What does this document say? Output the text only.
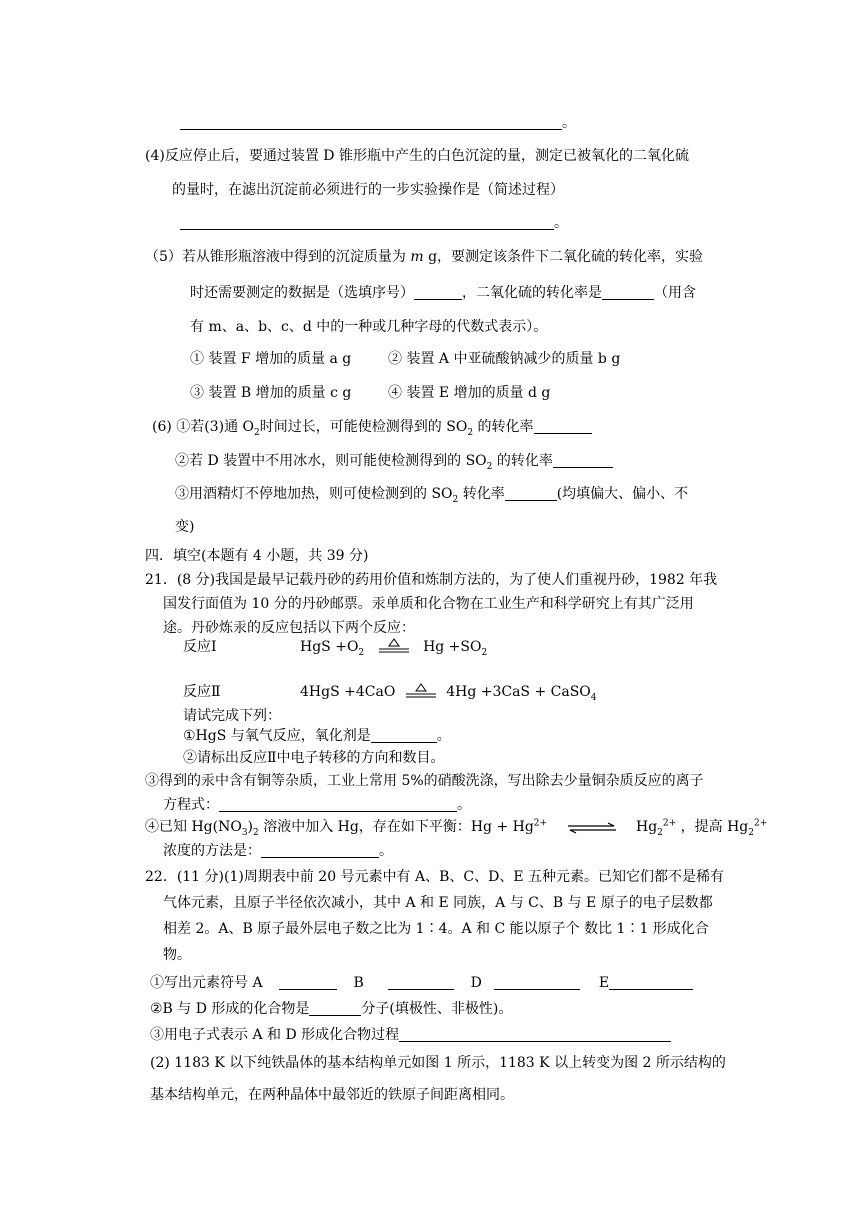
。
(4)反应停止后，要通过装置 D 锥形瓶中产生的白色沉淀的量，测定已被氧化的二氧化硫
的量时，在滤出沉淀前必须进行的一步实验操作是（简述过程）
。
（5）若从锥形瓶溶液中得到的沉淀质量为 m g，要测定该条件下二氧化硫的转化率，实验
时还需要测定的数据是（选填序号）	，二氧化硫的转化率是	（用含
有 m、a、b、c、d 中的一种或几种字母的代数式表示）。
① 装置 F 增加的质量 a g	② 装置 A 中亚硫酸钠减少的质量 b g
③ 装置 B 增加的质量 c g	④ 装置 E 增加的质量 d g
(6) ①若(3)通 $O_2$时间过长，可能使检测得到的 $SO_2$ 的转化率
②若 D 装置中不用冰水，则可能使检测得到的 $SO_2$ 的转化率
③用酒精灯不停地加热，则可使检测到的 $SO_2$ 转化率	(均填偏大、偏小、不
变)
四．填空(本题有 4 小题，共 39 分)
21．(8 分)我国是最早记载丹砂的药用价值和炼制方法的，为了使人们重视丹砂，1982 年我
国发行面值为 10 分的丹砂邮票。汞单质和化合物在工业生产和科学研究上有其广泛用
途。丹砂炼汞的反应包括以下两个反应：
反应Ⅰ	HgS $+O_2$	$Hg +SO_2$
反应Ⅱ	4HgS +4CaO	4Hg +3CaS + CaSO$_4$
请试完成下列：
①HgS 与氧气反应，氧化剂是	。
②请标出反应Ⅱ中电子转移的方向和数目。
③得到的汞中含有铜等杂质，工业上常用 5%的硝酸洗涤，写出除去少量铜杂质反应的离子
方程式：	。
④已知 $Hg(NO_3)_2$ 溶液中加入 Hg，存在如下平衡：$Hg + Hg^{2+}$ ⇌ $Hg_2^{2+}$ ，提高 $Hg_2^{2+}$
浓度的方法是：	。
22．(11 分)(1)周期表中前 20 号元素中有 A、B、C、D、E 五种元素。已知它们都不是稀有
气体元素，且原子半径依次减小，其中 A 和 E 同族，A 与 C、B 与 E 原子的电子层数都
相差 2。A、B 原子最外层电子数之比为 1∶4。A 和 C 能以原子个 数比 1∶1 形成化合
物。
①写出元素符号 A	B	D	E
②B 与 D 形成的化合物是	分子(填极性、非极性)。
③用电子式表示 A 和 D 形成化合物过程
(2) 1183 K 以下纯铁晶体的基本结构单元如图 1 所示，1183 K 以上转变为图 2 所示结构的
基本结构单元，在两种晶体中最邻近的铁原子间距离相同。
